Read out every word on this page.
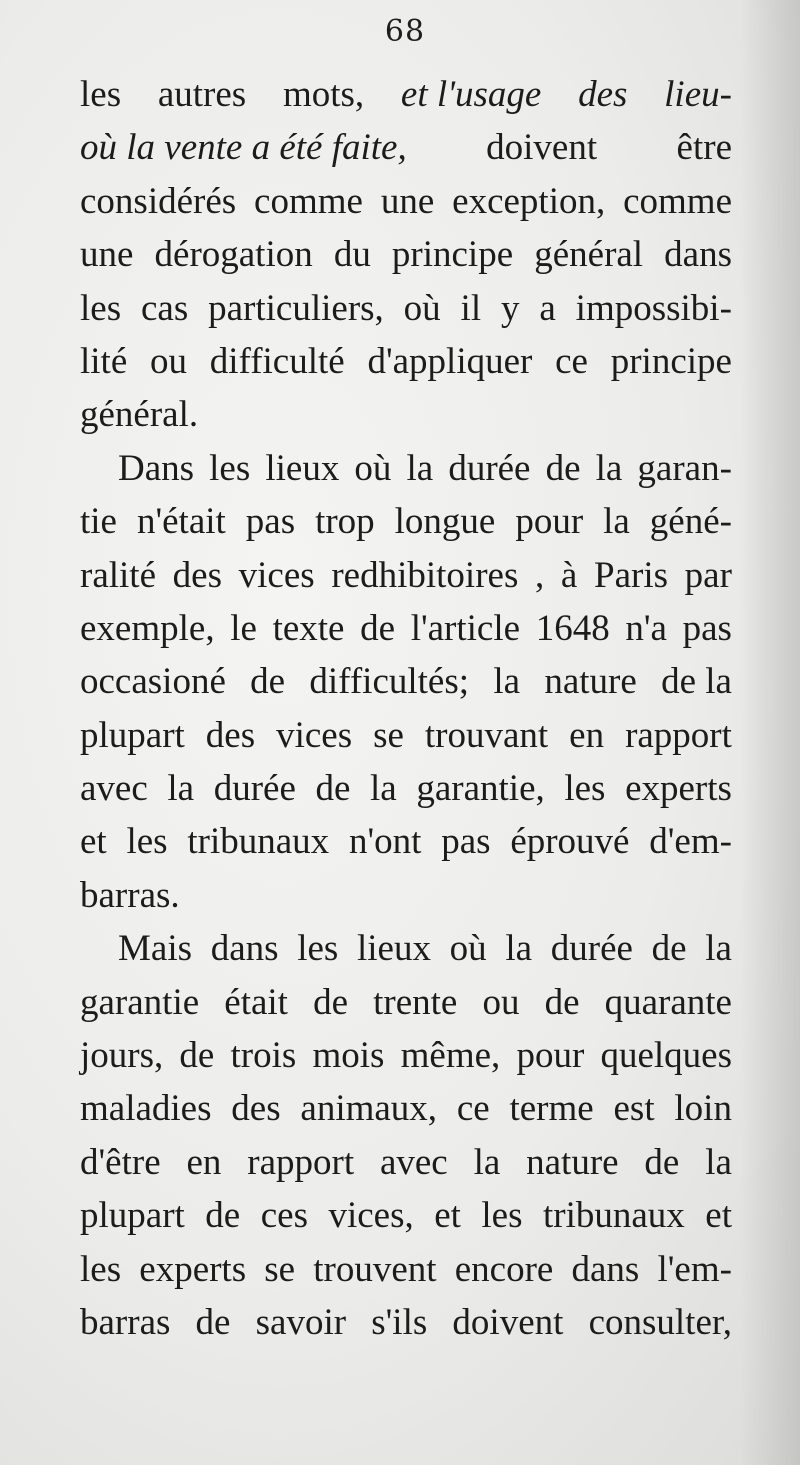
68
les autres mots, et l'usage des lieu-
où la vente a été faite, doivent être
considérés comme une exception, comme
une dérogation du principe général dans
les cas particuliers, où il y a impossibi-
lité ou difficulté d'appliquer ce principe
général.
Dans les lieux où la durée de la garan-
tie n'était pas trop longue pour la géné-
ralité des vices redhibitoires , à Paris par
exemple, le texte de l'article 1648 n'a pas
occasioné de difficultés; la nature de la
plupart des vices se trouvant en rapport
avec la durée de la garantie, les experts
et les tribunaux n'ont pas éprouvé d'em-
barras.
Mais dans les lieux où la durée de la
garantie était de trente ou de quarante
jours, de trois mois même, pour quelques
maladies des animaux, ce terme est loin
d'être en rapport avec la nature de la
plupart de ces vices, et les tribunaux et
les experts se trouvent encore dans l'em-
barras de savoir s'ils doivent consulter,
